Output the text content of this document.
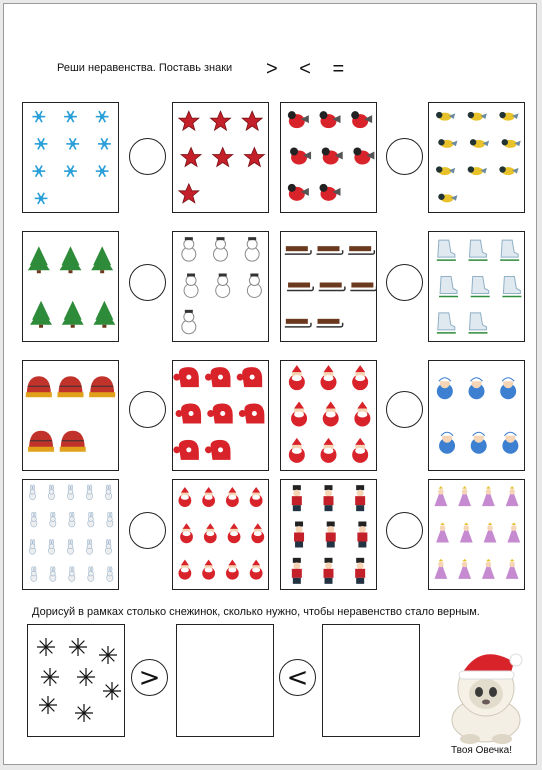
Реши неравенства. Поставь знаки > < =
Дорисуй в рамках столько снежинок, сколько нужно, чтобы неравенство стало верным.
>	<
Твоя Овечка!
